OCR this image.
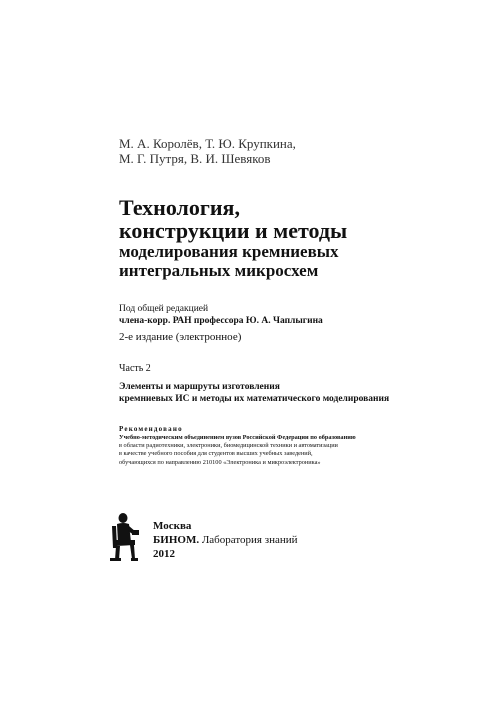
М. А. Королёв, Т. Ю. Крупкина,
М. Г. Путря, В. И. Шевяков
Технология,
конструкции и методы
моделирования кремниевых
интегральных микросхем
Под общей редакцией
члена-корр. РАН профессора Ю. А. Чаплыгина
2-е издание (электронное)
Часть 2
Элементы и маршруты изготовления
кремниевых ИС и методы их математического моделирования
Рекомендовано
Учебно-методическим объединением вузов Российской Федерации по образованию
в области радиотехники, электроники, биомедицинской техники и автоматизации
в качестве учебного пособия для студентов высших учебных заведений,
обучающихся по направлению 210100 «Электроника и микроэлектроника»
Москва
БИНОМ. Лаборатория знаний
2012
